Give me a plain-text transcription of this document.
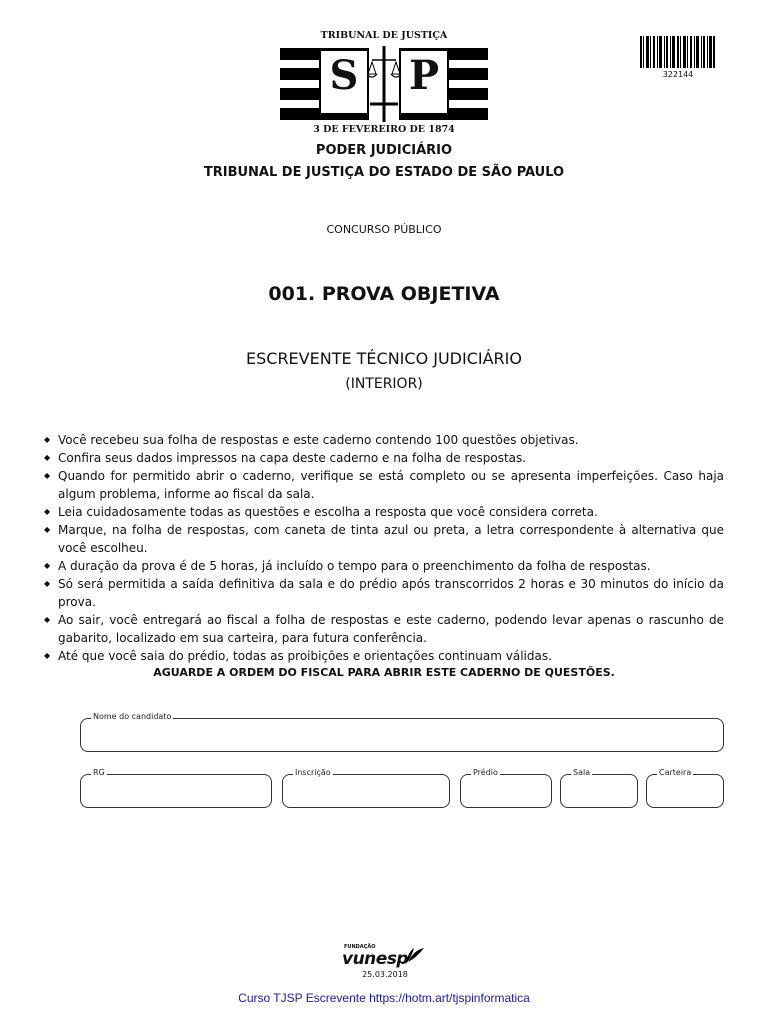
TRIBUNAL DE JUSTIÇA
S P
3 DE FEVEREIRO DE 1874
322144
PODER JUDICIÁRIO
TRIBUNAL DE JUSTIÇA DO ESTADO DE SÃO PAULO
CONCURSO PÚBLICO
001. PROVA OBJETIVA
ESCREVENTE TÉCNICO JUDICIÁRIO
(INTERIOR)
◆ Você recebeu sua folha de respostas e este caderno contendo 100 questões objetivas.
◆ Confira seus dados impressos na capa deste caderno e na folha de respostas.
◆ Quando for permitido abrir o caderno, verifique se está completo ou se apresenta imperfeições. Caso haja algum problema, informe ao fiscal da sala.
◆ Leia cuidadosamente todas as questões e escolha a resposta que você considera correta.
◆ Marque, na folha de respostas, com caneta de tinta azul ou preta, a letra correspondente à alternativa que você escolheu.
◆ A duração da prova é de 5 horas, já incluído o tempo para o preenchimento da folha de respostas.
◆ Só será permitida a saída definitiva da sala e do prédio após transcorridos 2 horas e 30 minutos do início da prova.
◆ Ao sair, você entregará ao fiscal a folha de respostas e este caderno, podendo levar apenas o rascunho de gabarito, localizado em sua carteira, para futura conferência.
◆ Até que você saia do prédio, todas as proibições e orientações continuam válidas.
AGUARDE A ORDEM DO FISCAL PARA ABRIR ESTE CADERNO DE QUESTÕES.
Nome do candidato
RG	Inscrição	Prédio	Sala	Carteira
FUNDAÇÃO
vunesp
25.03.2018
Curso TJSP Escrevente https://hotm.art/tjspinformatica
